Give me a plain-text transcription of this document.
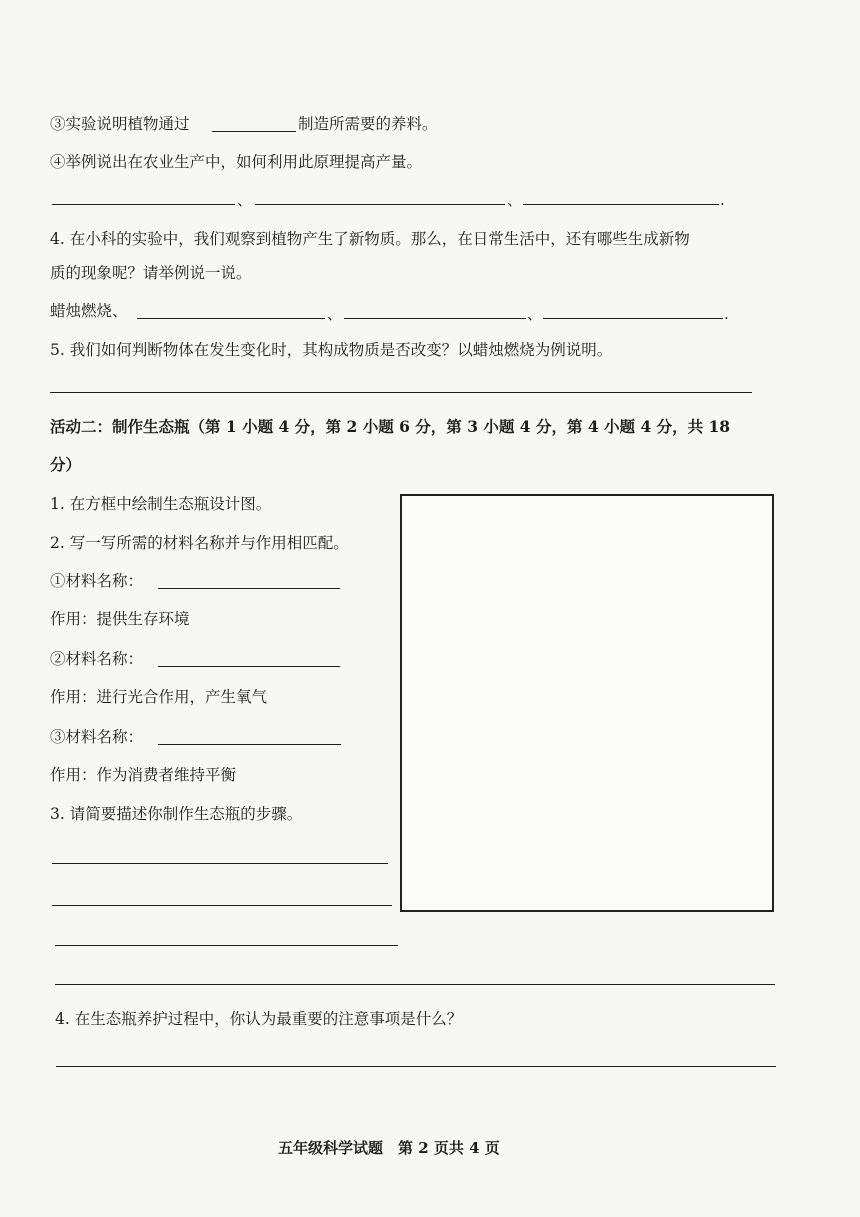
③实验说明植物通过	制造所需要的养料。
④举例说出在农业生产中，如何利用此原理提高产量。
、	、	.
4. 在小科的实验中，我们观察到植物产生了新物质。那么，在日常生活中，还有哪些生成新物
质的现象呢？请举例说一说。
蜡烛燃烧、	、	、	.
5. 我们如何判断物体在发生变化时，其构成物质是否改变？以蜡烛燃烧为例说明。
活动二：制作生态瓶（第 1 小题 4 分，第 2 小题 6 分，第 3 小题 4 分，第 4 小题 4 分，共 18
分）
1. 在方框中绘制生态瓶设计图。
2. 写一写所需的材料名称并与作用相匹配。
①材料名称：
作用：提供生存环境
②材料名称：
作用：进行光合作用，产生氧气
③材料名称：
作用：作为消费者维持平衡
3. 请简要描述你制作生态瓶的步骤。
4. 在生态瓶养护过程中，你认为最重要的注意事项是什么？
五年级科学试题　第 2 页共 4 页
